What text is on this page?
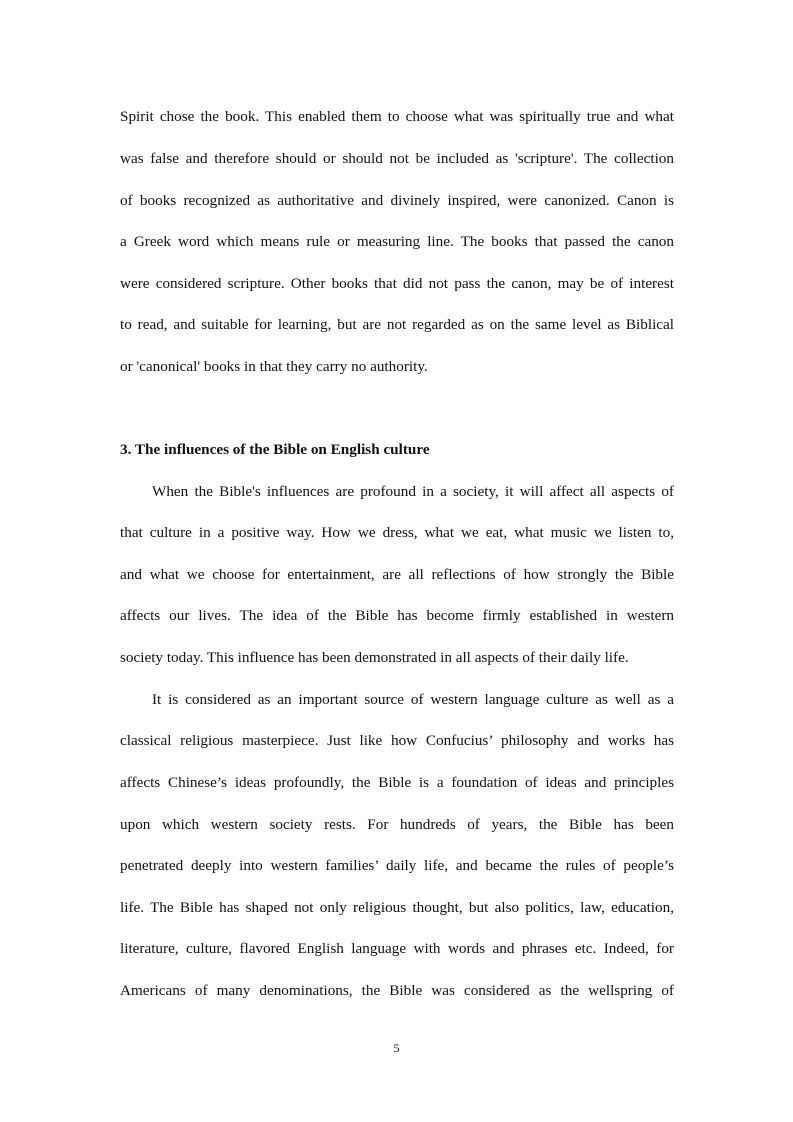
Spirit chose the book. This enabled them to choose what was spiritually true and what
was false and therefore should or should not be included as 'scripture'. The collection
of books recognized as authoritative and divinely inspired, were canonized. Canon is
a Greek word which means rule or measuring line. The books that passed the canon
were considered scripture. Other books that did not pass the canon, may be of interest
to read, and suitable for learning, but are not regarded as on the same level as Biblical
or 'canonical' books in that they carry no authority.
3. The influences of the Bible on English culture
When the Bible's influences are profound in a society, it will affect all aspects of
that culture in a positive way. How we dress, what we eat, what music we listen to,
and what we choose for entertainment, are all reflections of how strongly the Bible
affects our lives. The idea of the Bible has become firmly established in western
society today. This influence has been demonstrated in all aspects of their daily life.
It is considered as an important source of western language culture as well as a
classical religious masterpiece. Just like how Confucius’ philosophy and works has
affects Chinese’s ideas profoundly, the Bible is a foundation of ideas and principles
upon which western society rests. For hundreds of years, the Bible has been
penetrated deeply into western families’ daily life, and became the rules of people’s
life. The Bible has shaped not only religious thought, but also politics, law, education,
literature, culture, flavored English language with words and phrases etc. Indeed, for
Americans of many denominations, the Bible was considered as the wellspring of
5
